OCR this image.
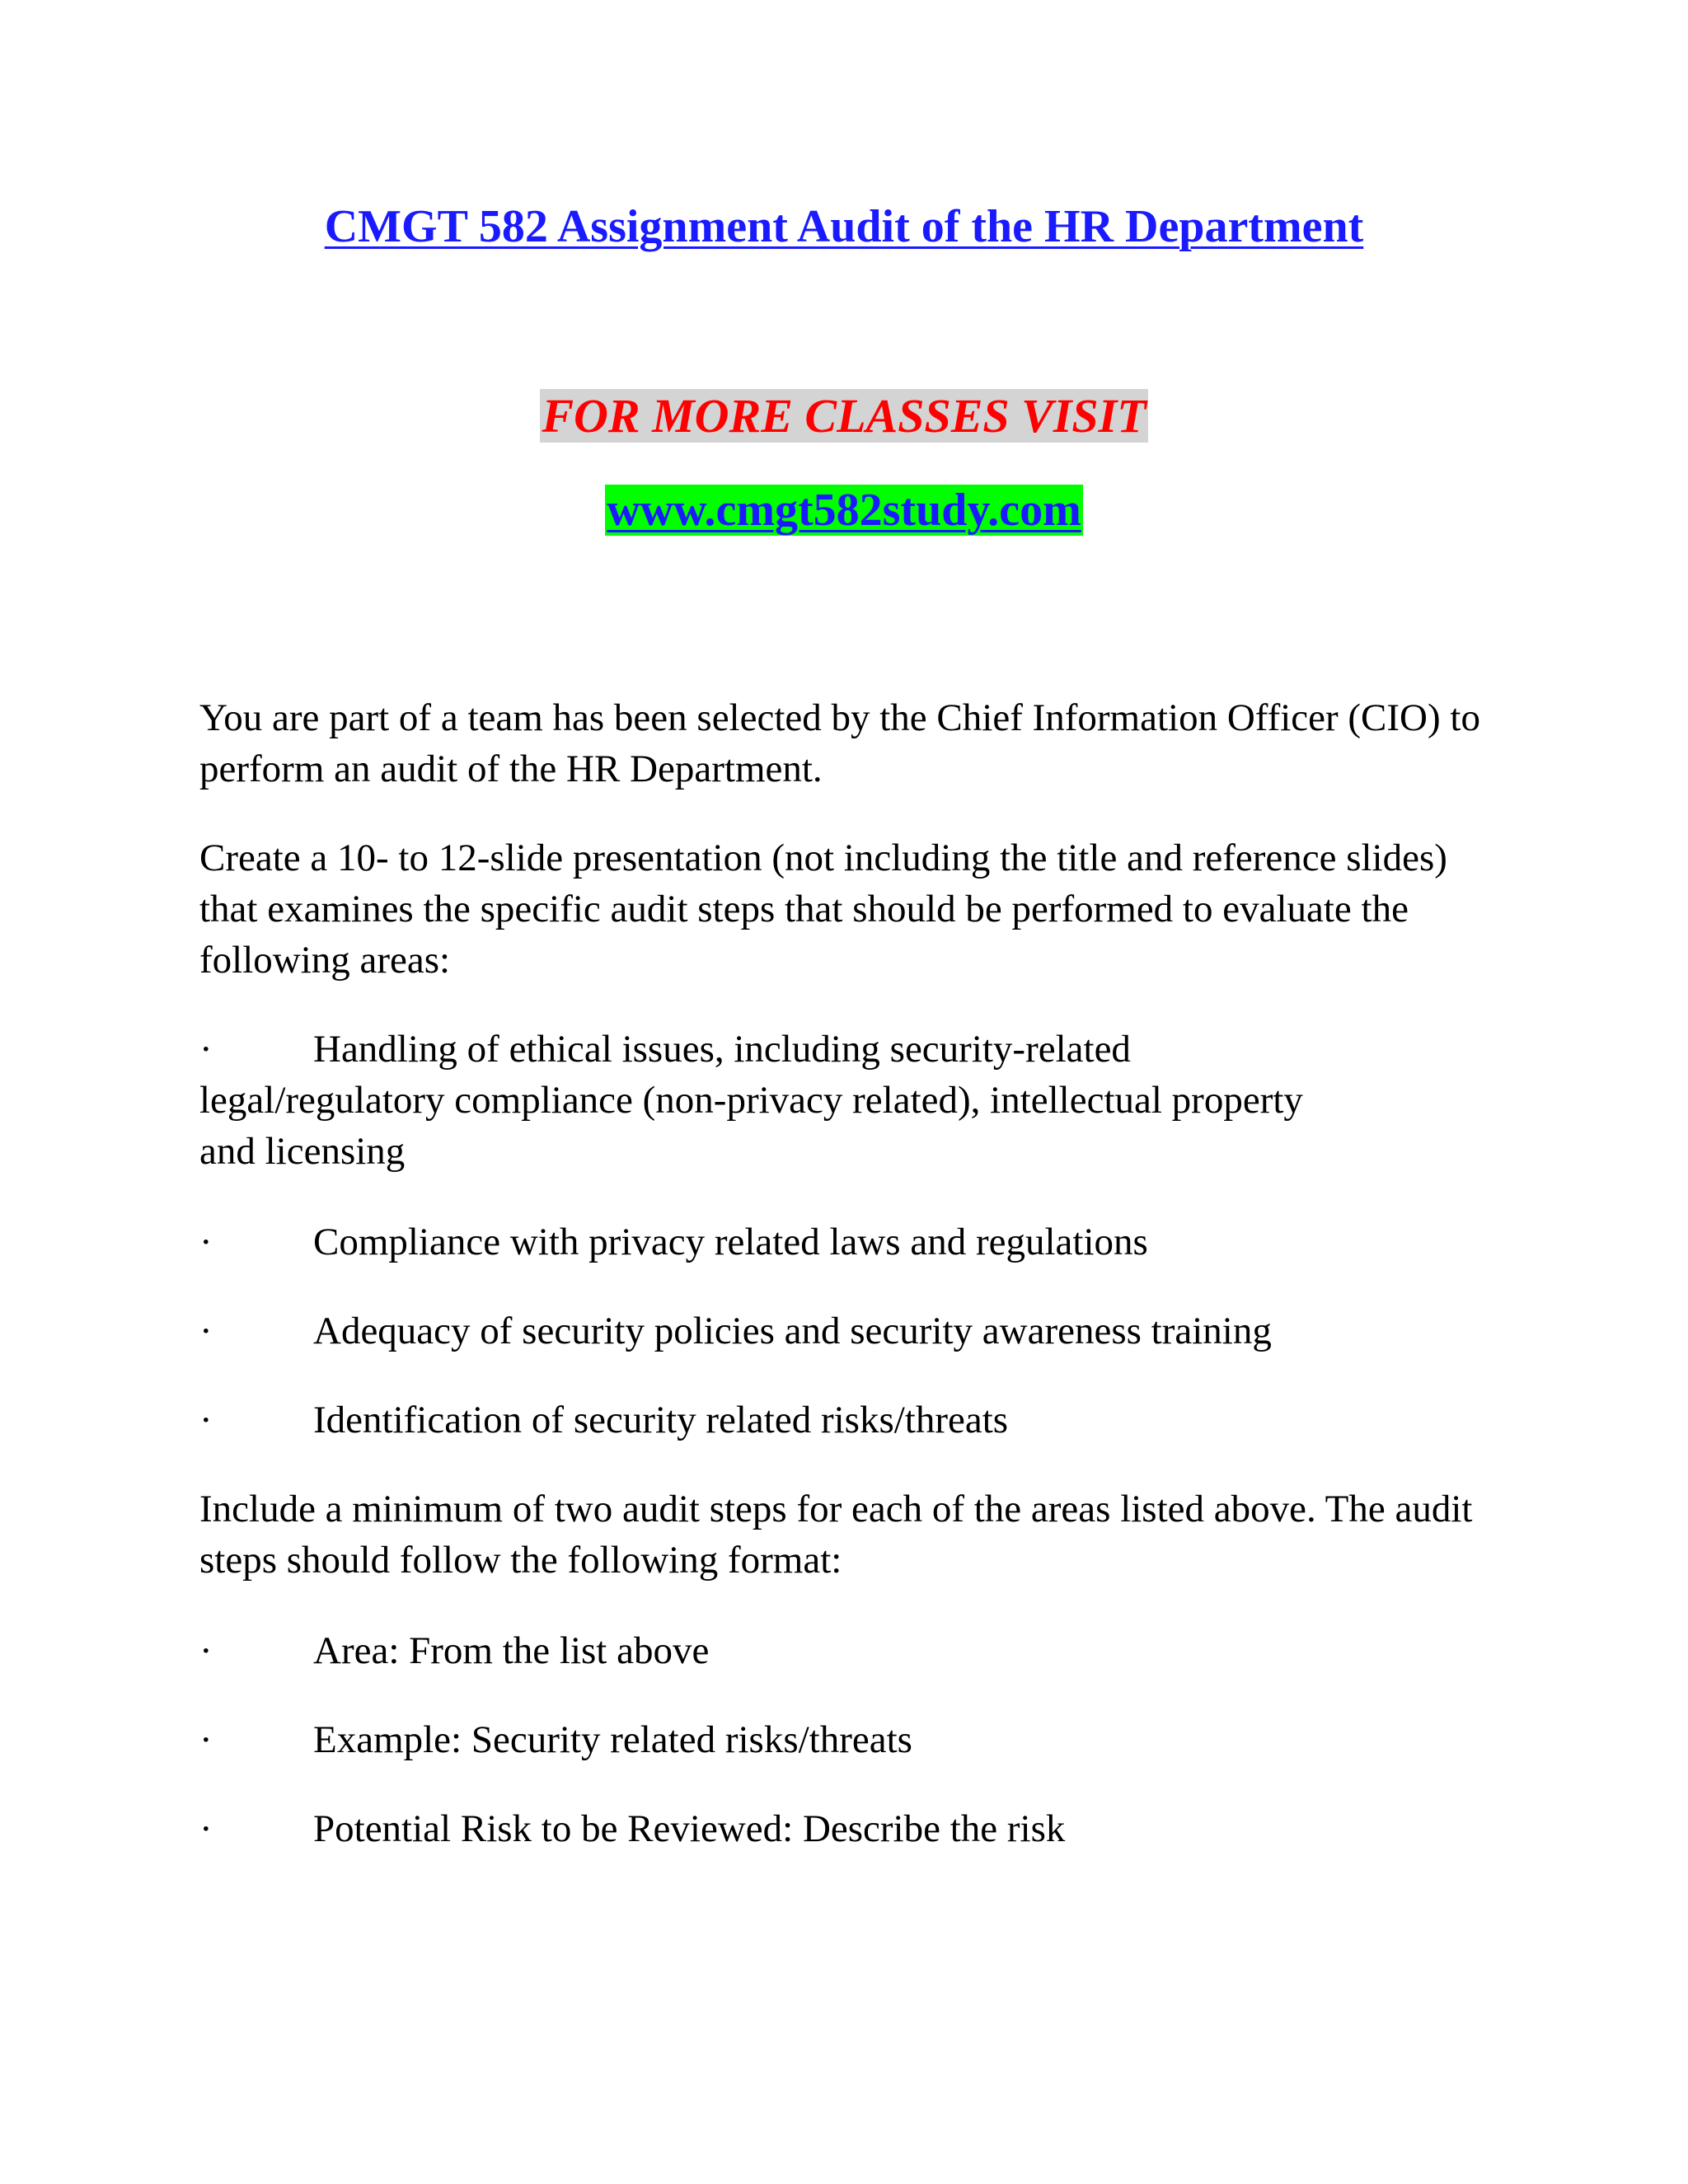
CMGT 582 Assignment Audit of the HR Department
FOR MORE CLASSES VISIT
www.cmgt582study.com
You are part of a team has been selected by the Chief Information Officer (CIO) to perform an audit of the HR Department.
Create a 10- to 12-slide presentation (not including the title and reference slides) that examines the specific audit steps that should be performed to evaluate the following areas:
·	Handling of ethical issues, including security-related
legal/regulatory compliance (non-privacy related), intellectual property
and licensing
·	Compliance with privacy related laws and regulations
·	Adequacy of security policies and security awareness training
·	Identification of security related risks/threats
Include a minimum of two audit steps for each of the areas listed above. The audit steps should follow the following format:
·	Area: From the list above
·	Example: Security related risks/threats
·	Potential Risk to be Reviewed: Describe the risk
